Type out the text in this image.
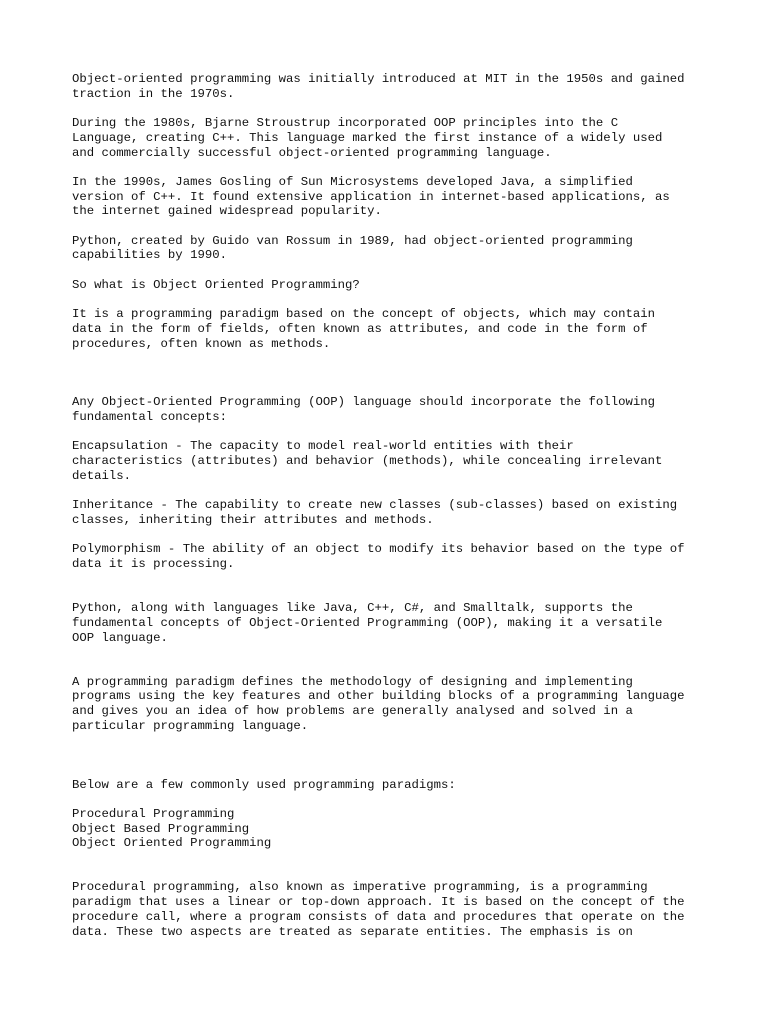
Object-oriented programming was initially introduced at MIT in the 1950s and gained
traction in the 1970s.

During the 1980s, Bjarne Stroustrup incorporated OOP principles into the C
Language, creating C++. This language marked the first instance of a widely used
and commercially successful object-oriented programming language.

In the 1990s, James Gosling of Sun Microsystems developed Java, a simplified
version of C++. It found extensive application in internet-based applications, as
the internet gained widespread popularity.

Python, created by Guido van Rossum in 1989, had object-oriented programming
capabilities by 1990.

So what is Object Oriented Programming?

It is a programming paradigm based on the concept of objects, which may contain
data in the form of fields, often known as attributes, and code in the form of
procedures, often known as methods.

Any Object-Oriented Programming (OOP) language should incorporate the following
fundamental concepts:

Encapsulation - The capacity to model real-world entities with their
characteristics (attributes) and behavior (methods), while concealing irrelevant
details.

Inheritance - The capability to create new classes (sub-classes) based on existing
classes, inheriting their attributes and methods.

Polymorphism - The ability of an object to modify its behavior based on the type of
data it is processing.

Python, along with languages like Java, C++, C#, and Smalltalk, supports the
fundamental concepts of Object-Oriented Programming (OOP), making it a versatile
OOP language.

A programming paradigm defines the methodology of designing and implementing
programs using the key features and other building blocks of a programming language
and gives you an idea of how problems are generally analysed and solved in a
particular programming language.

Below are a few commonly used programming paradigms:

Procedural Programming
Object Based Programming
Object Oriented Programming

Procedural programming, also known as imperative programming, is a programming
paradigm that uses a linear or top-down approach. It is based on the concept of the
procedure call, where a program consists of data and procedures that operate on the
data. These two aspects are treated as separate entities. The emphasis is on
